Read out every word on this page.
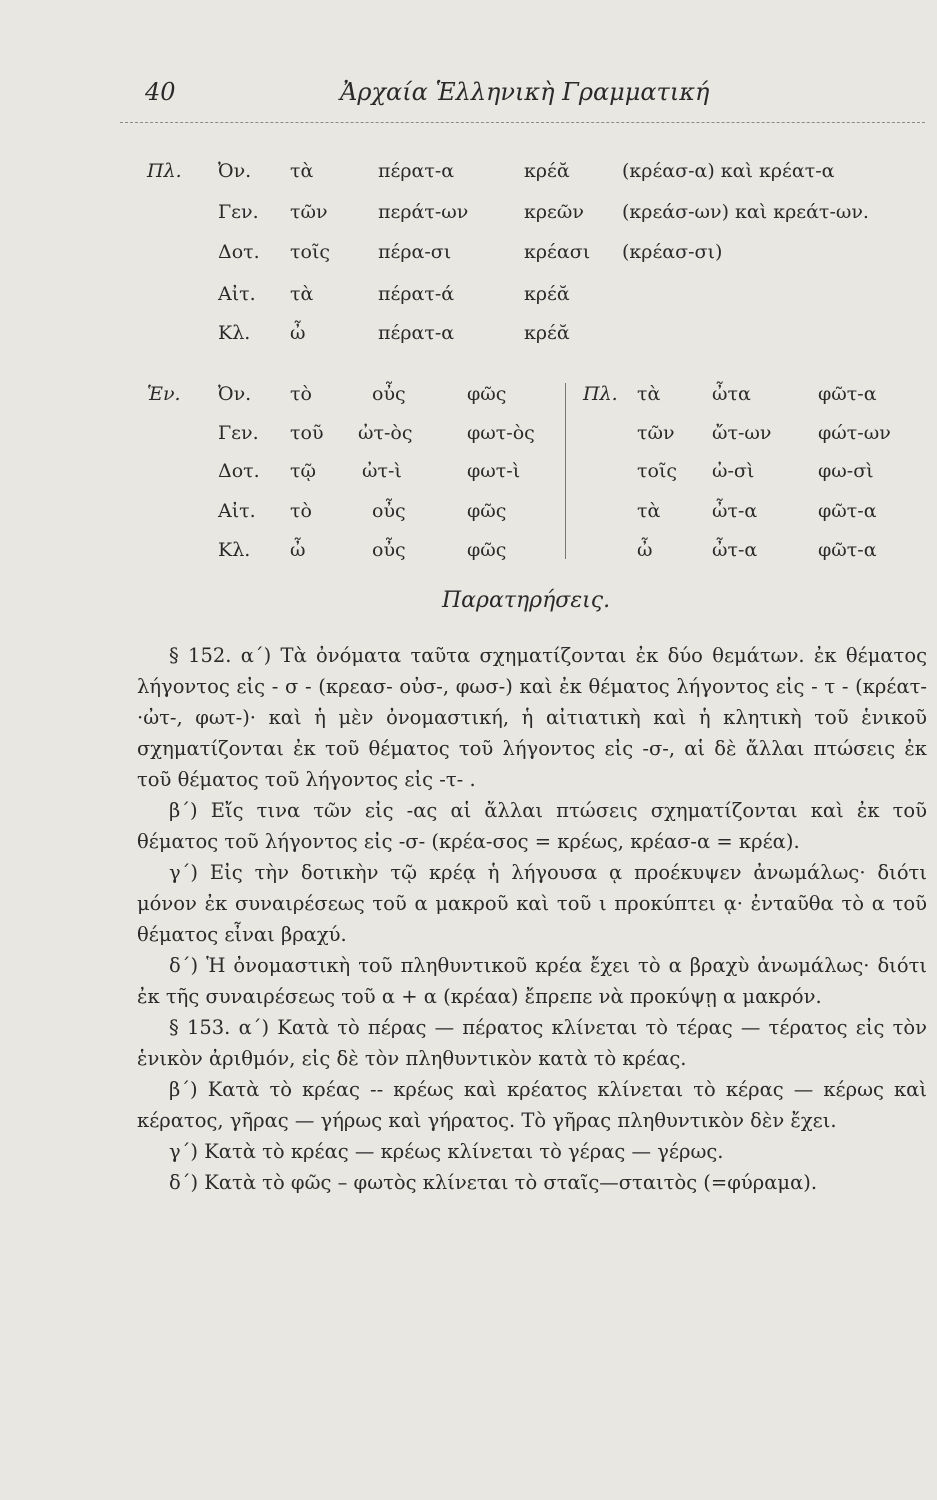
40	Ἀρχαία Ἑλληνικὴ Γραμματική
Πλ. Ὀν. τὰ	πέρατ-α	κρέᾰ	(κρέασ-α) καὶ κρέατ-α
Γεν. τῶν	περάτ-ων	κρεῶν (κρεάσ-ων) καὶ κρεάτ-ων.
Δοτ. τοῖς	πέρα-σι	κρέασι (κρέασ-σι)
Αἰτ. τὰ	πέρατ-ά	κρέᾰ
Κλ. ὦ	πέρατ-α	κρέᾰ
Ἑν.	Πλ.
Ὀν. τὸ	οὖς	φῶς	τὰ	ὦτα	φῶτ-α
Γεν. τοῦ ὠτ-ὸς	φωτ-ὸς	τῶν ὤτ-ων φώτ-ων
Δοτ. τῷ ὠτ-ὶ	φωτ-ὶ	τοῖς ὠ-σὶ	φω-σὶ
Αἰτ. τὸ	οὖς	φῶς	τὰ	ὦτ-α	φῶτ-α
Κλ. ὦ	οὖς	φῶς	ὦ	ὦτ-α	φῶτ-α
Παρατηρήσεις.

§ 152. α΄) Τὰ ὀνόματα ταῦτα σχηματίζονται ἐκ δύο θεμάτων. ἐκ θέματος λήγοντος εἰς - σ - (κρεασ- οὐσ-, φωσ-) καὶ ἐκ θέματος λήγοντος εἰς - τ - (κρέατ- ·ὠτ-, φωτ-)· καὶ ἡ μὲν ὀνομαστική, ἡ αἰτιατικὴ καὶ ἡ κλητικὴ τοῦ ἑνικοῦ σχηματίζονται ἐκ τοῦ θέματος τοῦ λήγοντος εἰς -σ-, αἱ δὲ ἄλλαι πτώσεις ἐκ τοῦ θέματος τοῦ λήγοντος εἰς -τ- .

β΄) Εἴς τινα τῶν εἰς -ας αἱ ἄλλαι πτώσεις σχηματίζονται καὶ ἐκ τοῦ θέματος τοῦ λήγοντος εἰς -σ- (κρέα-σος = κρέως, κρέασ-α = κρέα).

γ΄) Εἰς τὴν δοτικὴν τῷ κρέᾳ ἡ λήγουσα ᾳ προέκυψεν ἀνωμάλως· διότι μόνον ἐκ συναιρέσεως τοῦ α μακροῦ καὶ τοῦ ι προκύπτει ᾳ· ἐνταῦθα τὸ α τοῦ θέματος εἶναι βραχύ.

δ΄) Ἡ ὀνομαστικὴ τοῦ πληθυντικοῦ κρέα ἔχει τὸ α βραχὺ ἀνωμάλως· διότι ἐκ τῆς συναιρέσεως τοῦ α + α (κρέαα) ἔπρεπε νὰ προκύψῃ α μακρόν.

§ 153. α΄) Κατὰ τὸ πέρας — πέρατος κλίνεται τὸ τέρας — τέρατος εἰς τὸν ἑνικὸν ἀριθμόν, εἰς δὲ τὸν πληθυντικὸν κατὰ τὸ κρέας.

β΄) Κατὰ τὸ κρέας -- κρέως καὶ κρέατος κλίνεται τὸ κέρας — κέρως καὶ κέρατος, γῆρας — γήρως καὶ γήρατος. Τὸ γῆρας πληθυντικὸν δὲν ἔχει.

γ΄) Κατὰ τὸ κρέας — κρέως κλίνεται τὸ γέρας — γέρως.

δ΄) Κατὰ τὸ φῶς – φωτὸς κλίνεται τὸ σταῖς—σταιτὸς (=φύραμα).
